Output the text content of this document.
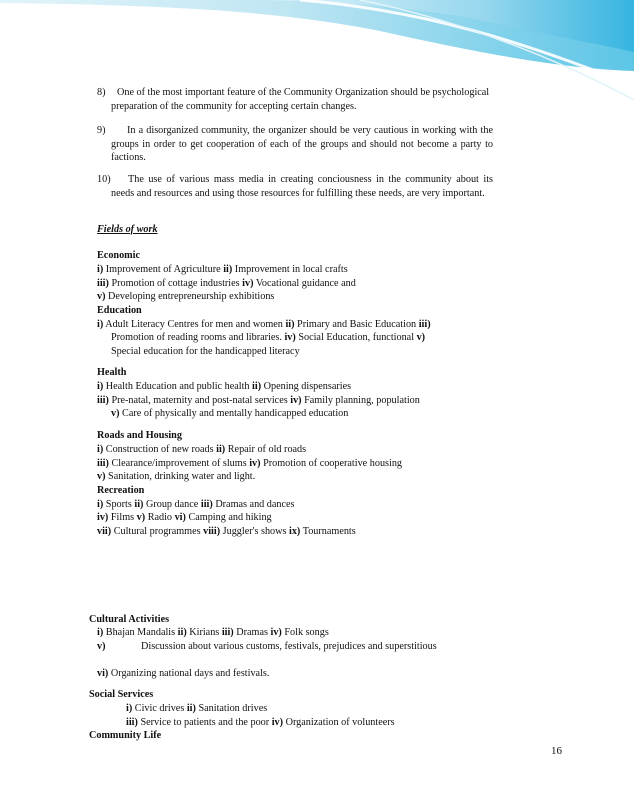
8)	One of the most important feature of the Community Organization should be psychological preparation of the community for accepting certain changes.
9)	In a disorganized community, the organizer should be very cautious in working with the groups in order to get cooperation of each of the groups and should not become a party to factions.
10)	The use of various mass media in creating conciousness in the community about its needs and resources and using those resources for fulfilling these needs, are very important.
Fields of work
Economic
i) Improvement of Agriculture ii) Improvement in local crafts
iii) Promotion of cottage industries iv) Vocational guidance and
v) Developing entrepreneurship exhibitions
Education
i) Adult Literacy Centres for men and women ii) Primary and Basic Education iii)
Promotion of reading rooms and libraries. iv) Social Education, functional v)
Special education for the handicapped literacy
Health
i) Health Education and public health ii) Opening dispensaries
iii) Pre-natal, maternity and post-natal services iv) Family planning, population
v) Care of physically and mentally handicapped education
Roads and Housing
i) Construction of new roads ii) Repair of old roads
iii) Clearance/improvement of slums iv) Promotion of cooperative housing
v) Sanitation, drinking water and light.
Recreation
i) Sports ii) Group dance iii) Dramas and dances
iv) Films v) Radio vi) Camping and hiking
vii) Cultural programmes viii) Juggler's shows ix) Tournaments
Cultural Activities
i) Bhajan Mandalis ii) Kirians iii) Dramas iv) Folk songs
v)	Discussion about various customs, festivals, prejudices and superstitious
vi) Organizing national days and festivals.
Social Services
i) Civic drives ii) Sanitation drives
iii) Service to patients and the poor iv) Organization of volunteers
Community Life
16
